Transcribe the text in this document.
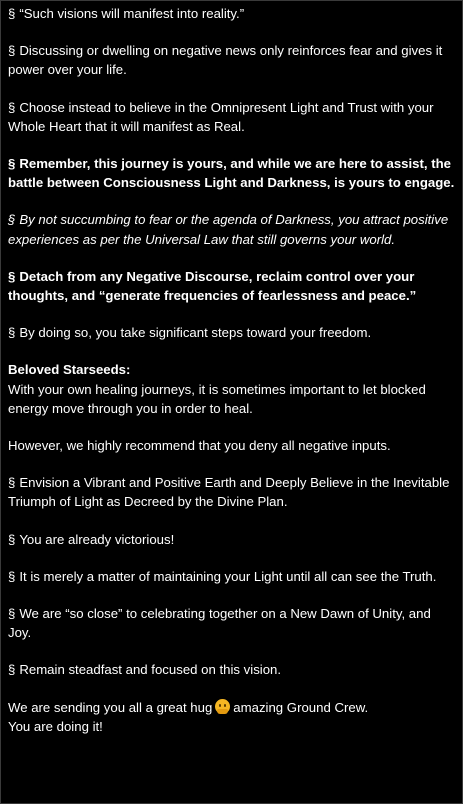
§ “Such visions will manifest into reality.”

§ Discussing or dwelling on negative news only reinforces fear and gives it power over your life.

§ Choose instead to believe in the Omnipresent Light and Trust with your Whole Heart that it will manifest as Real.

§ Remember, this journey is yours, and while we are here to assist, the battle between Consciousness Light and Darkness, is yours to engage.

§ By not succumbing to fear or the agenda of Darkness, you attract positive experiences as per the Universal Law that still governs your world.

§ Detach from any Negative Discourse, reclaim control over your thoughts, and “generate frequencies of fearlessness and peace.”

§ By doing so, you take significant steps toward your freedom.

Beloved Starseeds:
With your own healing journeys, it is sometimes important to let blocked energy move through you in order to heal.

However, we highly recommend that you deny all negative inputs.

§ Envision a Vibrant and Positive Earth and Deeply Believe in the Inevitable Triumph of Light as Decreed by the Divine Plan.

§ You are already victorious!

§ It is merely a matter of maintaining your Light until all can see the Truth.

§ We are “so close” to celebrating together on a New Dawn of Unity, and Joy.

§ Remain steadfast and focused on this vision.

We are sending you all a great hug amazing Ground Crew.
You are doing it!
